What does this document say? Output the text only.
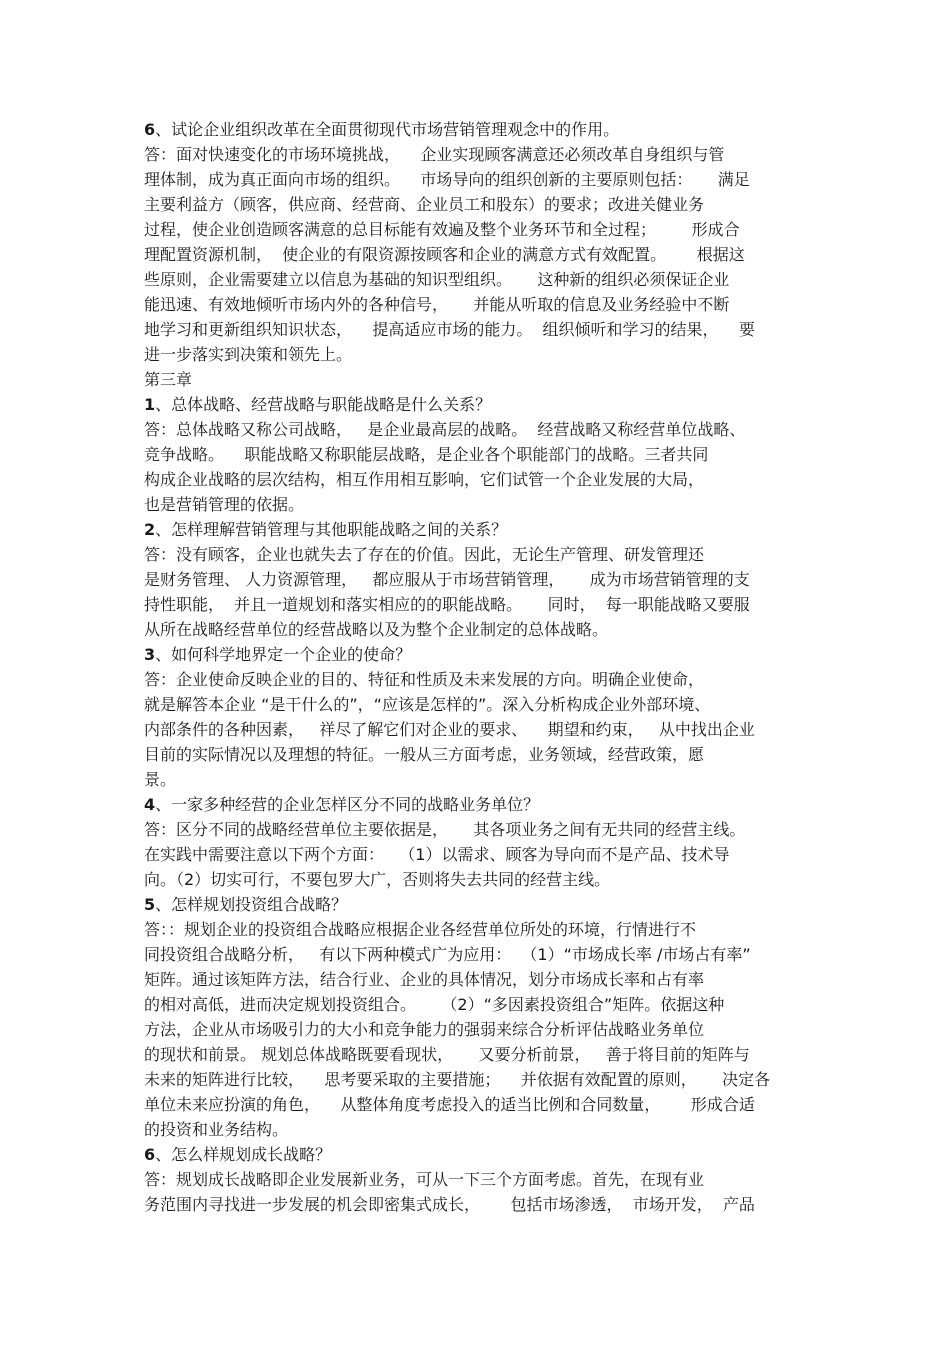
6、试论企业组织改革在全面贯彻现代市场营销管理观念中的作用。
答：面对快速变化的市场环境挑战，    企业实现顾客满意还必须改革自身组织与管
理体制，成为真正面向市场的组织。    市场导向的组织创新的主要原则包括：     满足
主要利益方（顾客，供应商、经营商、企业员工和股东）的要求；改进关健业务
过程，使企业创造顾客满意的总目标能有效遍及整个业务环节和全过程；       形成合
理配置资源机制，  使企业的有限资源按顾客和企业的满意方式有效配置。      根据这
些原则，企业需要建立以信息为基础的知识型组织。     这种新的组织必须保证企业
能迅速、有效地倾听市场内外的各种信号，     并能从听取的信息及业务经验中不断
地学习和更新组织知识状态，    提高适应市场的能力。  组织倾听和学习的结果，    要
进一步落实到决策和领先上。
第三章
1、总体战略、经营战略与职能战略是什么关系？
答：总体战略又称公司战略，   是企业最高层的战略。  经营战略又称经营单位战略、
竞争战略。    职能战略又称职能层战略，是企业各个职能部门的战略。三者共同
构成企业战略的层次结构，相互作用相互影响，它们试管一个企业发展的大局，
也是营销管理的依据。
2、怎样理解营销管理与其他职能战略之间的关系？
答：没有顾客，企业也就失去了存在的价值。因此，无论生产管理、研发管理还
是财务管理、 人力资源管理，   都应服从于市场营销管理，     成为市场营销管理的支
持性职能，  并且一道规划和落实相应的的职能战略。     同时，  每一职能战略又要服
从所在战略经营单位的经营战略以及为整个企业制定的总体战略。
3、如何科学地界定一个企业的使命？
答：企业使命反映企业的目的、特征和性质及未来发展的方向。明确企业使命，
就是解答本企业 “是干什么的”，“应该是怎样的”。深入分析构成企业外部环境、
内部条件的各种因素，   祥尽了解它们对企业的要求、    期望和约束，   从中找出企业
目前的实际情况以及理想的特征。一般从三方面考虑，业务领域，经营政策，愿
景。
4、一家多种经营的企业怎样区分不同的战略业务单位？
答：区分不同的战略经营单位主要依据是，     其各项业务之间有无共同的经营主线。
在实践中需要注意以下两个方面：   （1）以需求、顾客为导向而不是产品、技术导
向。（2）切实可行，不要包罗大广，否则将失去共同的经营主线。
5、怎样规划投资组合战略？
答：：规划企业的投资组合战略应根据企业各经营单位所处的环境，行情进行不
同投资组合战略分析，   有以下两种模式广为应用：  （1）“市场成长率 /市场占有率”
矩阵。通过该矩阵方法，结合行业、企业的具体情况，划分市场成长率和占有率
的相对高低，进而决定规划投资组合。     （2）“多因素投资组合”矩阵。依据这种
方法，企业从市场吸引力的大小和竞争能力的强弱来综合分析评估战略业务单位
的现状和前景。 规划总体战略既要看现状，     又要分析前景，   善于将目前的矩阵与
未来的矩阵进行比较，    思考要采取的主要措施；    并依据有效配置的原则，     决定各
单位未来应扮演的角色，    从整体角度考虑投入的适当比例和合同数量，      形成合适
的投资和业务结构。
6、怎么样规划成长战略？
答：规划成长战略即企业发展新业务，可从一下三个方面考虑。首先，在现有业
务范围内寻找进一步发展的机会即密集式成长，      包括市场渗透，  市场开发，  产品
